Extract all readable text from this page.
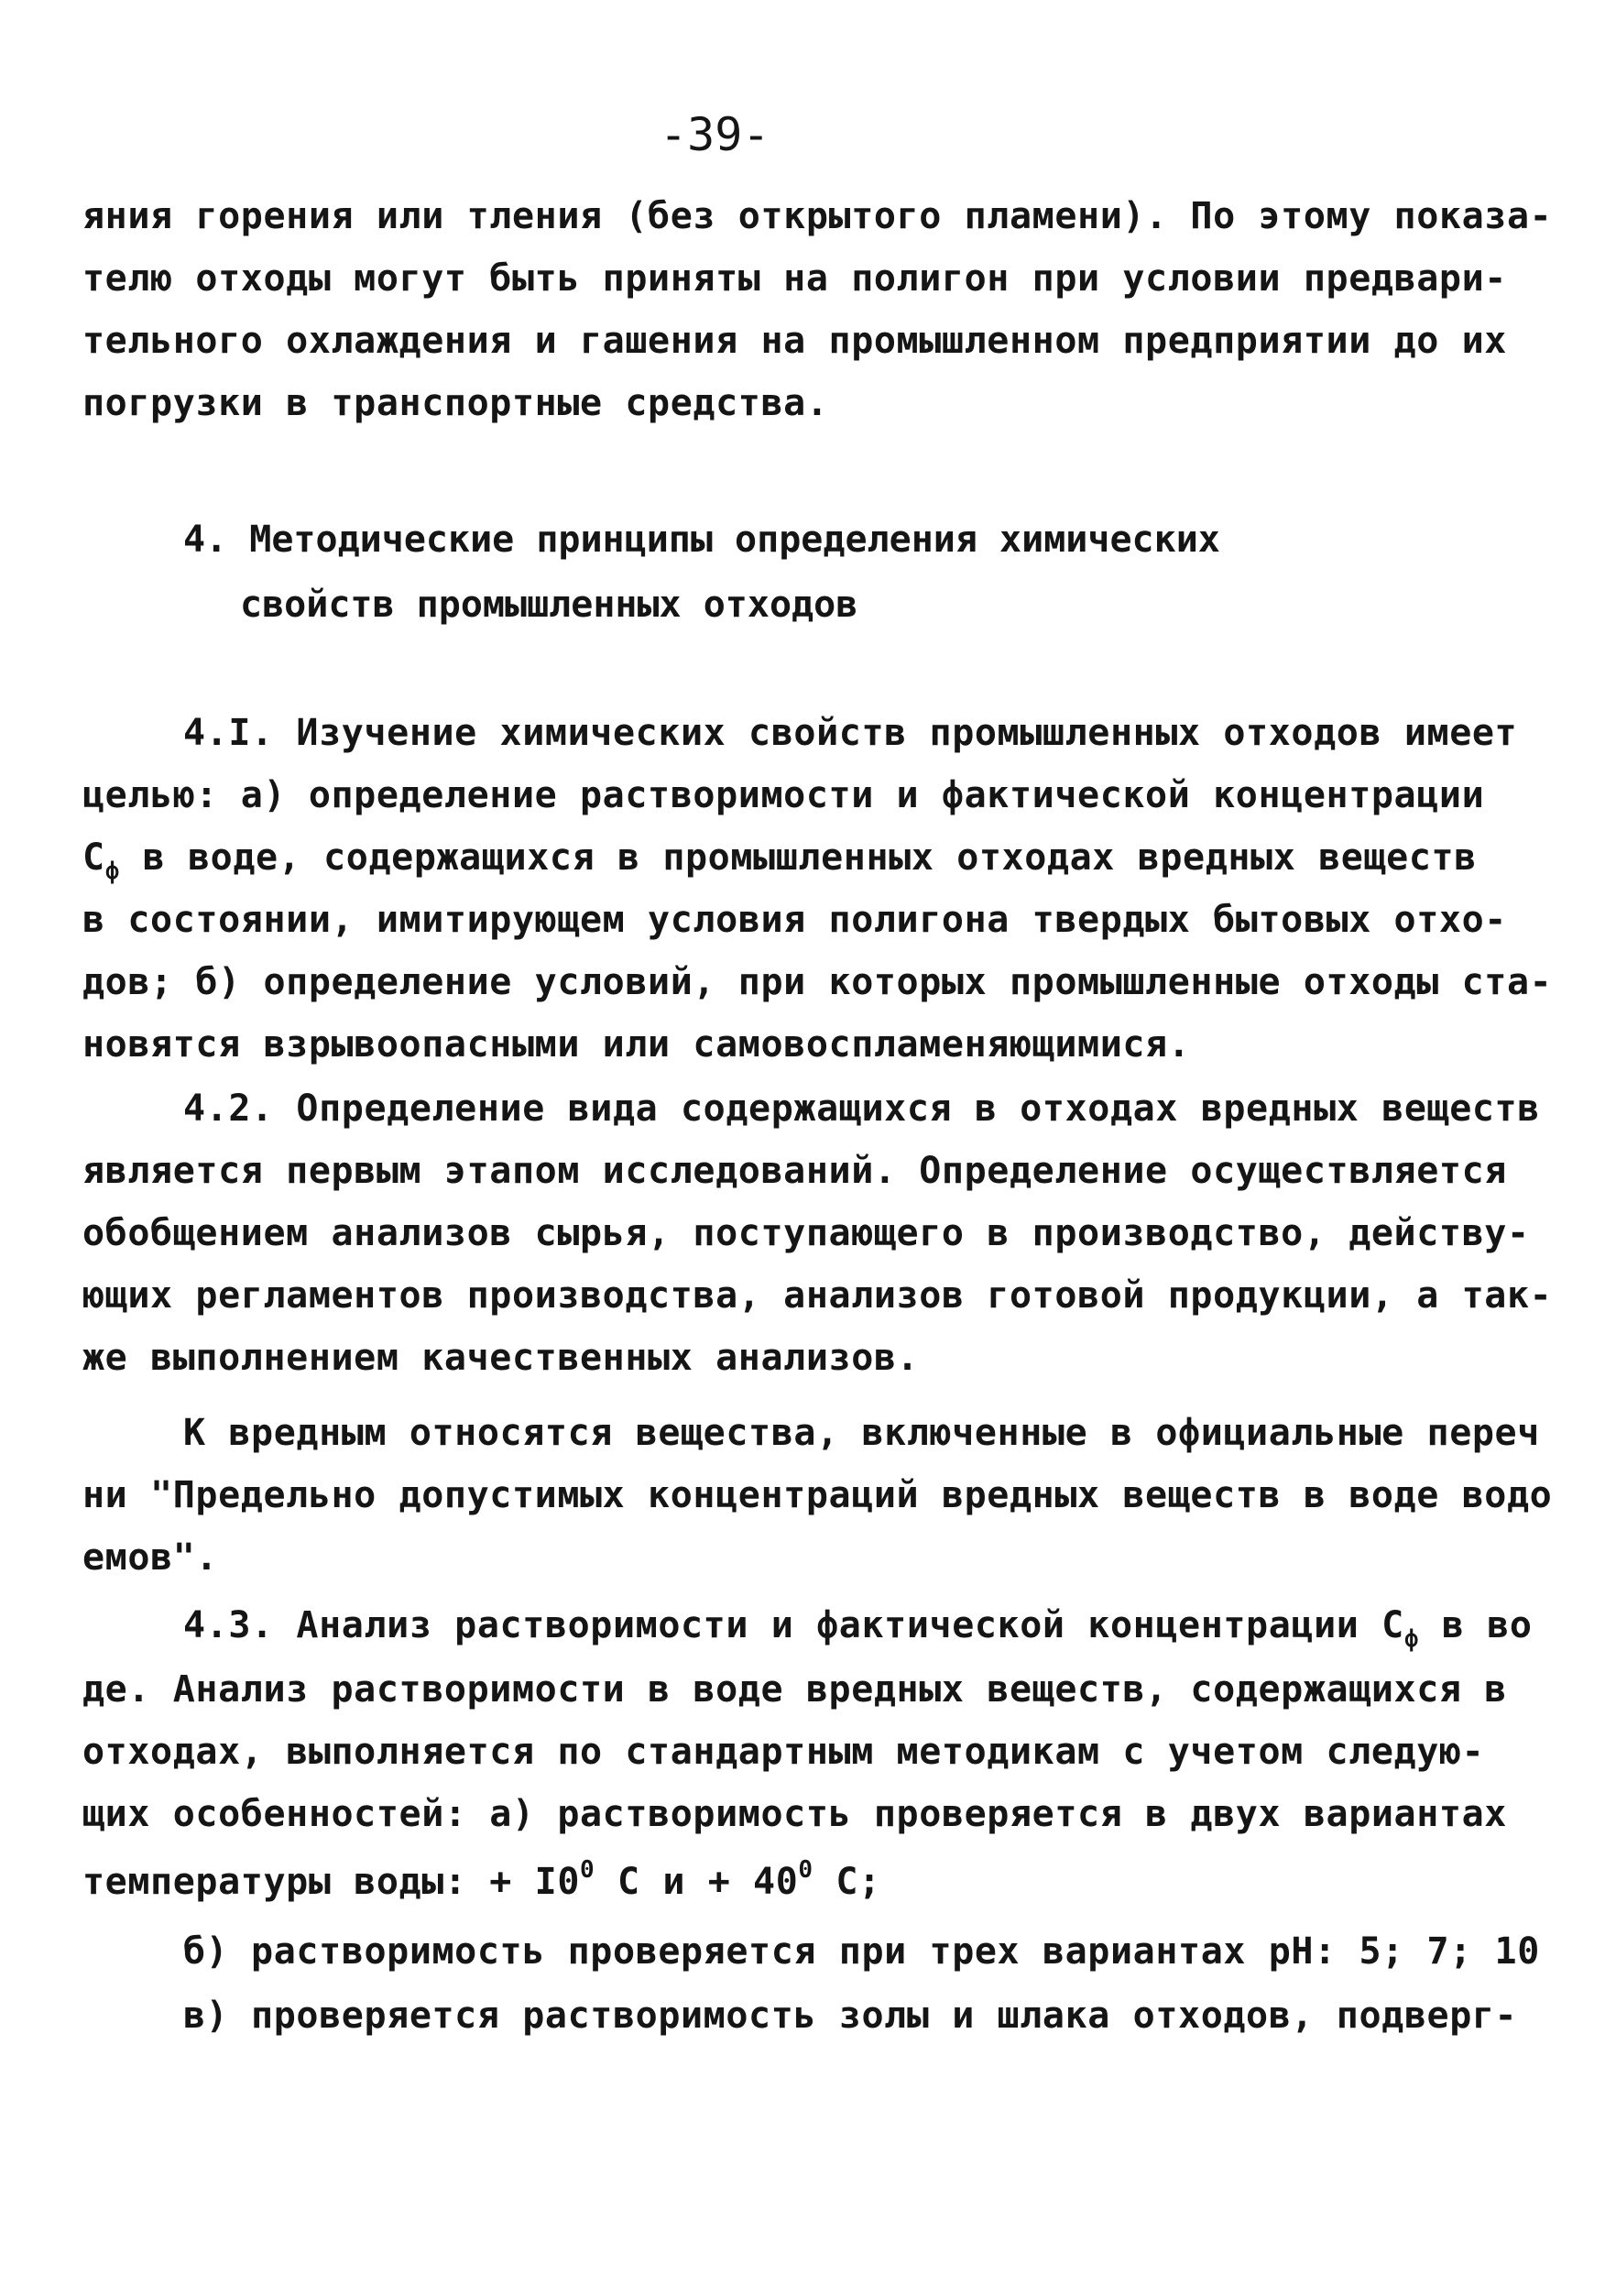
-39-
яния горения или тления (без открытого пламени). По этому показа-
телю отходы могут быть приняты на полигон при условии предвари-
тельного охлаждения и гашения на промышленном предприятии до их
погрузки в транспортные средства.
4. Методические принципы определения химических
свойств промышленных отходов
4.I. Изучение химических свойств промышленных отходов имеет
целью: а) определение растворимости и фактической концентрации
$С_ф$ в воде, содержащихся в промышленных отходах вредных веществ
в состоянии, имитирующем условия полигона твердых бытовых отхо-
дов; б) определение условий, при которых промышленные отходы ста-
новятся взрывоопасными или самовоспламеняющимися.
4.2. Определение вида содержащихся в отходах вредных веществ
является первым этапом исследований. Определение осуществляется
обобщением анализов сырья, поступающего в производство, действу-
ющих регламентов производства, анализов готовой продукции, а так-
же выполнением качественных анализов.
К вредным относятся вещества, включенные в официальные переч
ни "Предельно допустимых концентраций вредных веществ в воде водо
емов".
4.3. Анализ растворимости и фактической концентрации $С_ф$ в во
де. Анализ растворимости в воде вредных веществ, содержащихся в
отходах, выполняется по стандартным методикам с учетом следую-
щих особенностей: а) растворимость проверяется в двух вариантах
температуры воды: + $I0^0$ С $и + 40^0$ С;
б) растворимость проверяется при трех вариантах pH: 5; 7; 10
в) проверяется растворимость золы и шлака отходов, подверг-
